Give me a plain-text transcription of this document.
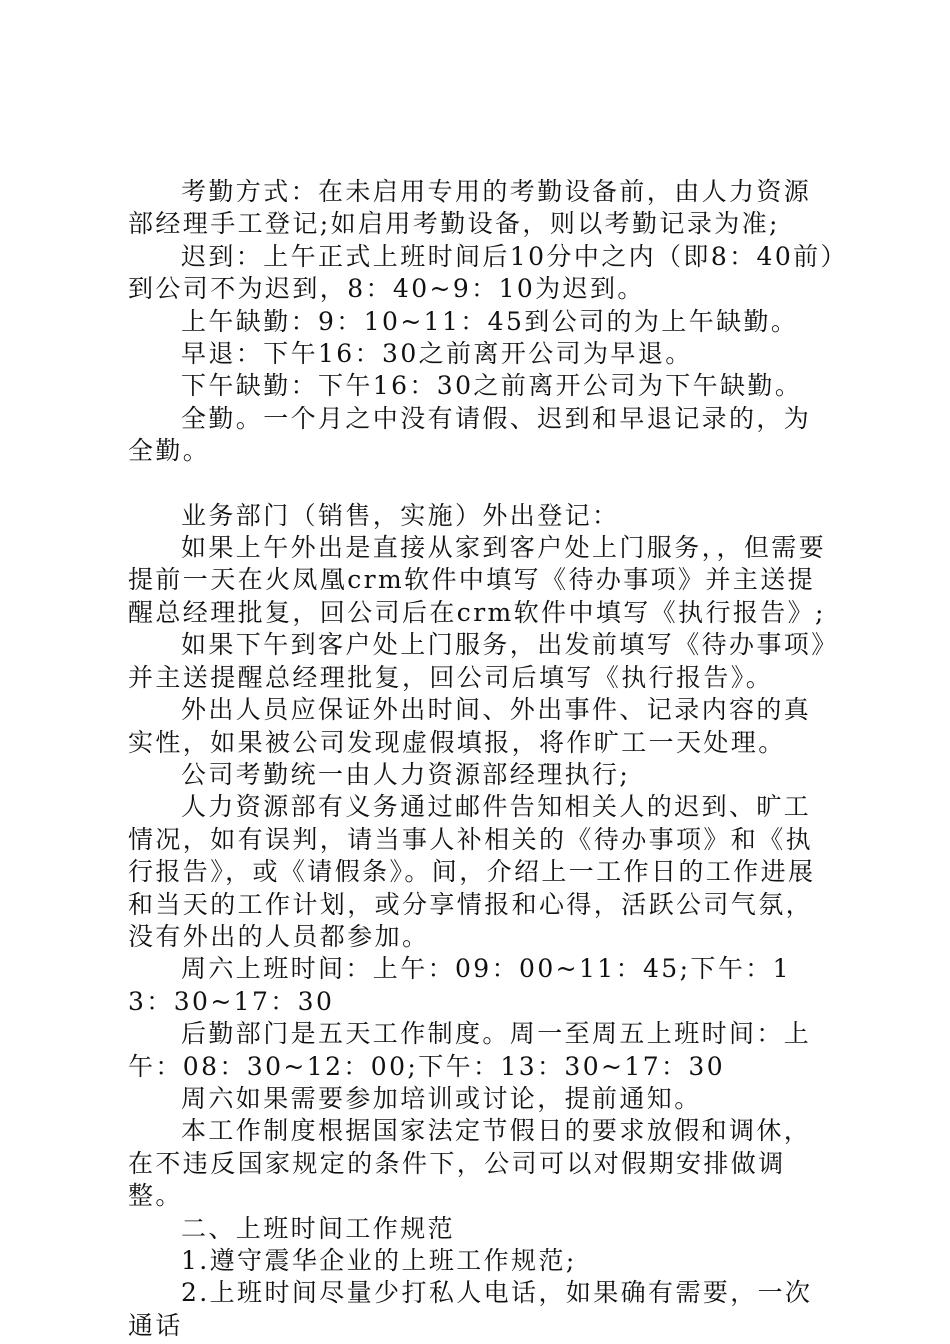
考勤方式：在未启用专用的考勤设备前，由人力资源部经理手工登记;如启用考勤设备，则以考勤记录为准;

迟到：上午正式上班时间后10分中之内（即8：40前）到公司不为迟到，8：40~9：10为迟到。

上午缺勤：9：10~11：45到公司的为上午缺勤。

早退：下午16：30之前离开公司为早退。

下午缺勤：下午16：30之前离开公司为下午缺勤。

全勤。一个月之中没有请假、迟到和早退记录的，为全勤。

业务部门（销售，实施）外出登记：

如果上午外出是直接从家到客户处上门服务，，但需要提前一天在火凤凰crm软件中填写《待办事项》并主送提醒总经理批复，回公司后在crm软件中填写《执行报告》;

如果下午到客户处上门服务，出发前填写《待办事项》并主送提醒总经理批复，回公司后填写《执行报告》。

外出人员应保证外出时间、外出事件、记录内容的真实性，如果被公司发现虚假填报，将作旷工一天处理。

公司考勤统一由人力资源部经理执行;

人力资源部有义务通过邮件告知相关人的迟到、旷工情况，如有误判，请当事人补相关的《待办事项》和《执行报告》，或《请假条》。间，介绍上一工作日的工作进展和当天的工作计划，或分享情报和心得，活跃公司气氛，没有外出的人员都参加。

周六上班时间：上午：09：00~11：45;下午：13：30~17：30

后勤部门是五天工作制度。周一至周五上班时间：上午：08：30~12：00;下午：13：30~17：30

周六如果需要参加培训或讨论，提前通知。

本工作制度根据国家法定节假日的要求放假和调休，在不违反国家规定的条件下，公司可以对假期安排做调整。

二、上班时间工作规范

1.遵守震华企业的上班工作规范;

2.上班时间尽量少打私人电话，如果确有需要，一次通话
